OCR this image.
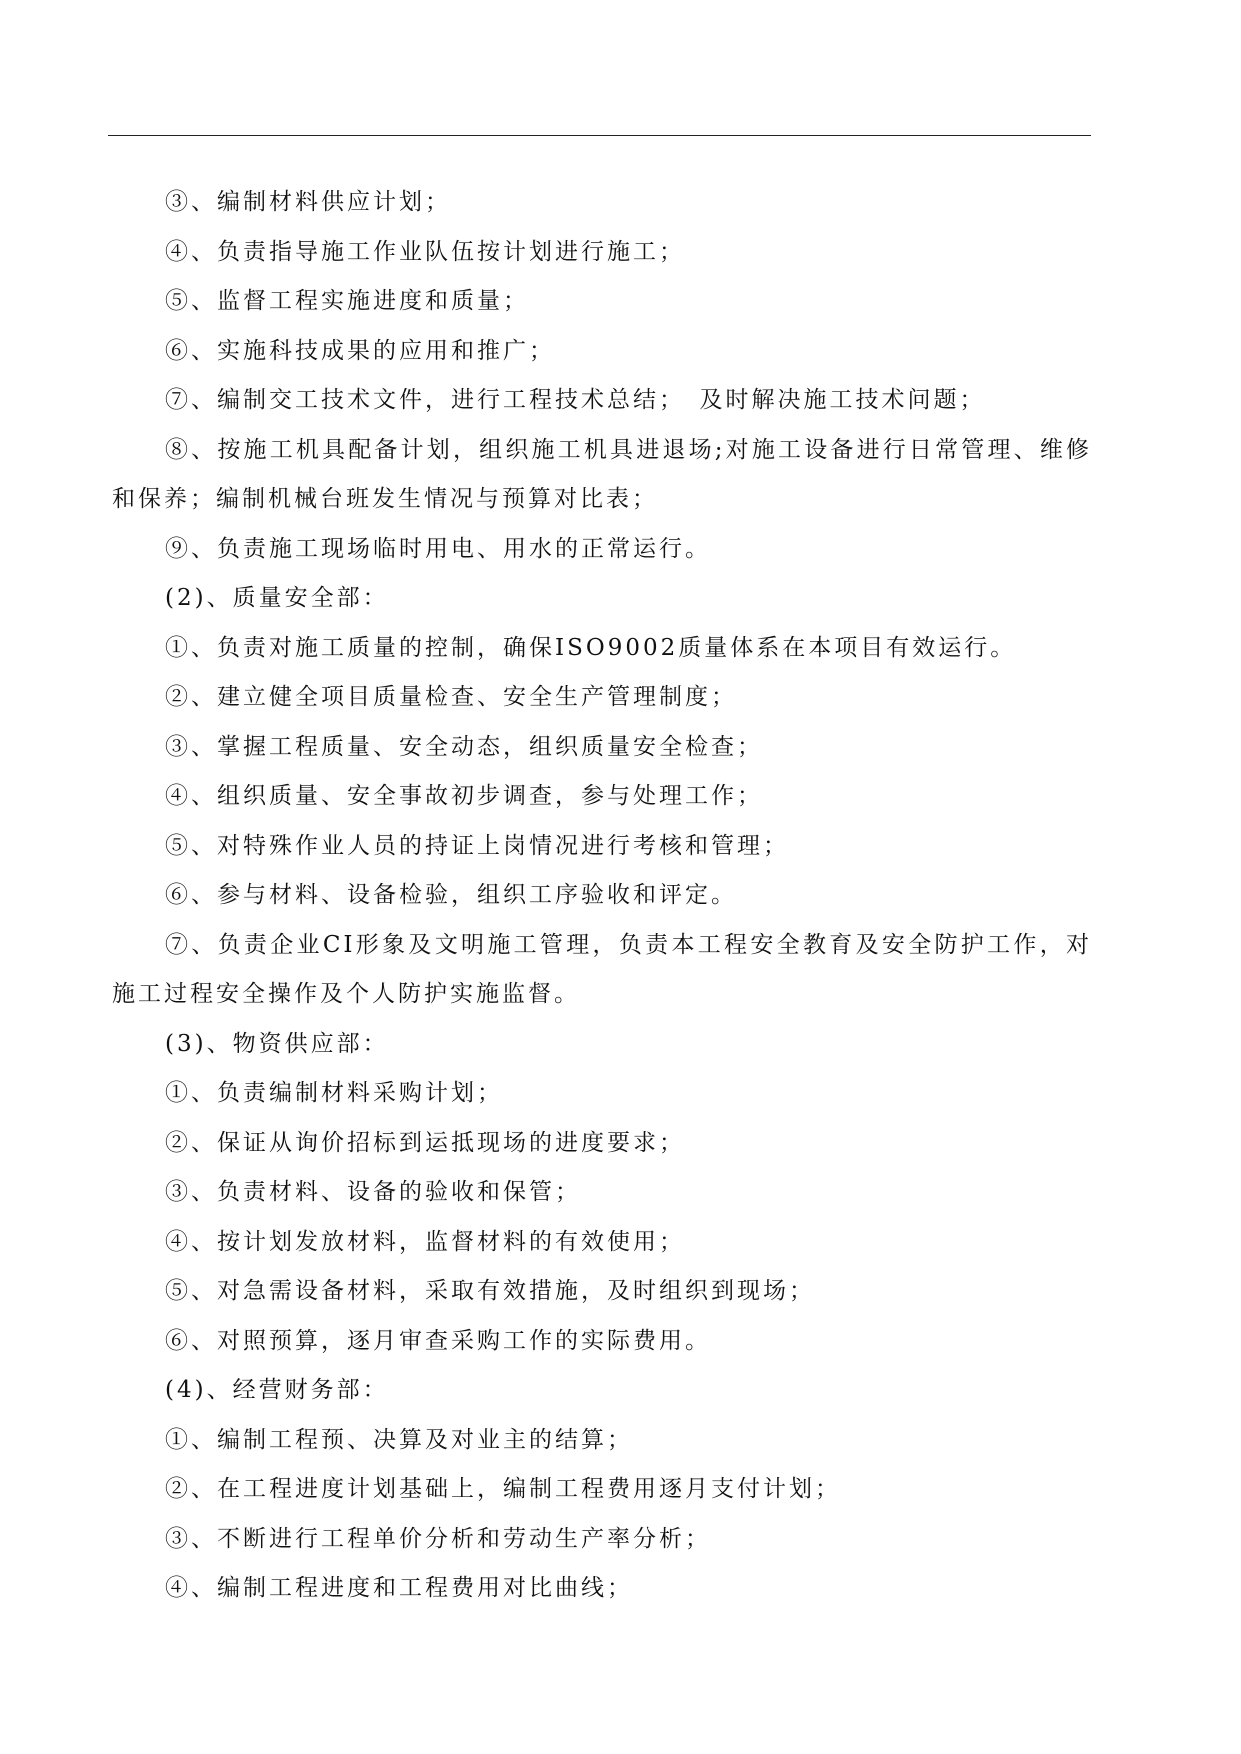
③、编制材料供应计划；

④、负责指导施工作业队伍按计划进行施工；

⑤、监督工程实施进度和质量；

⑥、实施科技成果的应用和推广；

⑦、编制交工技术文件，进行工程技术总结；　及时解决施工技术问题；

⑧、按施工机具配备计划，组织施工机具进退场;对施工设备进行日常管理、维修和保养；编制机械台班发生情况与预算对比表；

⑨、负责施工现场临时用电、用水的正常运行。

(2)、质量安全部：

①、负责对施工质量的控制，确保ISO9002质量体系在本项目有效运行。

②、建立健全项目质量检查、安全生产管理制度；

③、掌握工程质量、安全动态，组织质量安全检查；

④、组织质量、安全事故初步调查，参与处理工作；

⑤、对特殊作业人员的持证上岗情况进行考核和管理；

⑥、参与材料、设备检验，组织工序验收和评定。

⑦、负责企业CI形象及文明施工管理，负责本工程安全教育及安全防护工作，对施工过程安全操作及个人防护实施监督。

(3)、物资供应部：

①、负责编制材料采购计划；

②、保证从询价招标到运抵现场的进度要求；

③、负责材料、设备的验收和保管；

④、按计划发放材料，监督材料的有效使用；

⑤、对急需设备材料，采取有效措施，及时组织到现场；

⑥、对照预算，逐月审查采购工作的实际费用。

(4)、经营财务部：

①、编制工程预、决算及对业主的结算；

②、在工程进度计划基础上，编制工程费用逐月支付计划；

③、不断进行工程单价分析和劳动生产率分析；

④、编制工程进度和工程费用对比曲线；
